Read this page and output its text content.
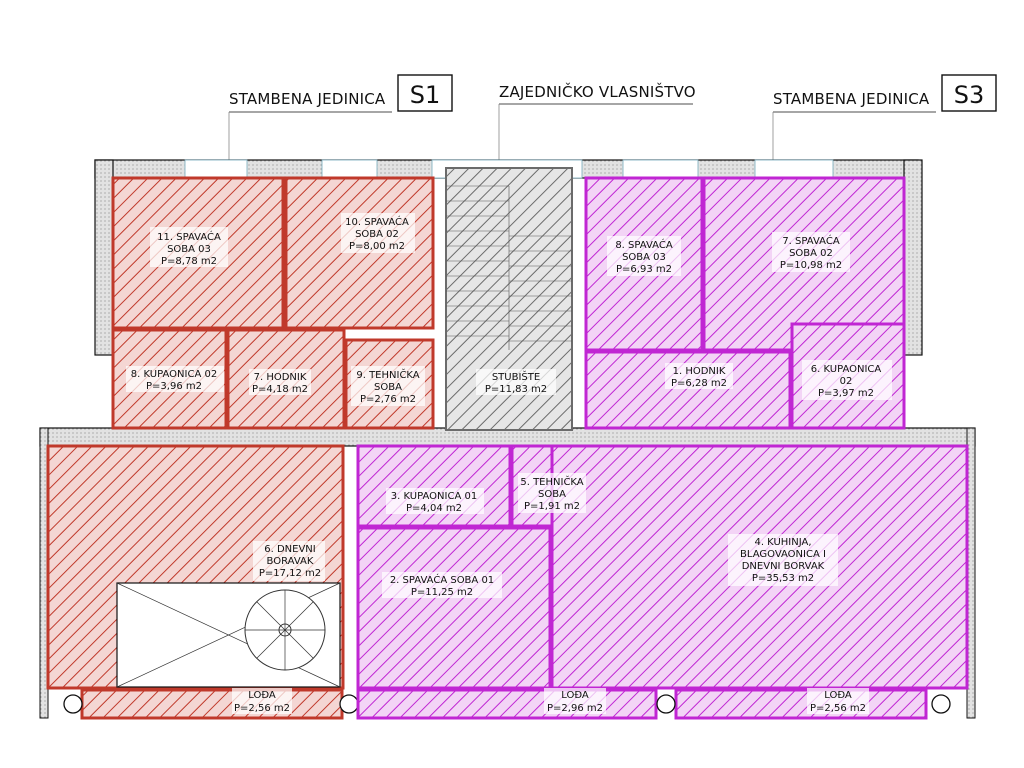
STAMBENA JEDINICA S1	ZAJEDNIČKO VLASNIŠTVO	STAMBENA JEDINICA S3
11. SPAVAĆA
SOBA 03
P=8,78 m2
10. SPAVAĆA
SOBA 02
P=8,00 m2
8. KUPAONICA 02
P=3,96 m2
7. HODNIK
P=4,18 m2
9. TEHNIČKA
SOBA
P=2,76 m2
6. DNEVNI
BORAVAK
P=17,12 m2
LOĐA
P=2,56 m2
STUBIŠTE
P=11,83 m2
8. SPAVAĆA
SOBA 03
P=6,93 m2
7. SPAVAĆA
SOBA 02
P=10,98 m2
1. HODNIK
P=6,28 m2
6. KUPAONICA
02
P=3,97 m2
3. KUPAONICA 01
P=4,04 m2
5. TEHNIČKA
SOBA
P=1,91 m2
2. SPAVAĆA SOBA 01
P=11,25 m2
4. KUHINJA,
BLAGOVAONICA I
DNEVNI BORVAK
P=35,53 m2
LOĐA
P=2,96 m2
LOĐA
P=2,56 m2
